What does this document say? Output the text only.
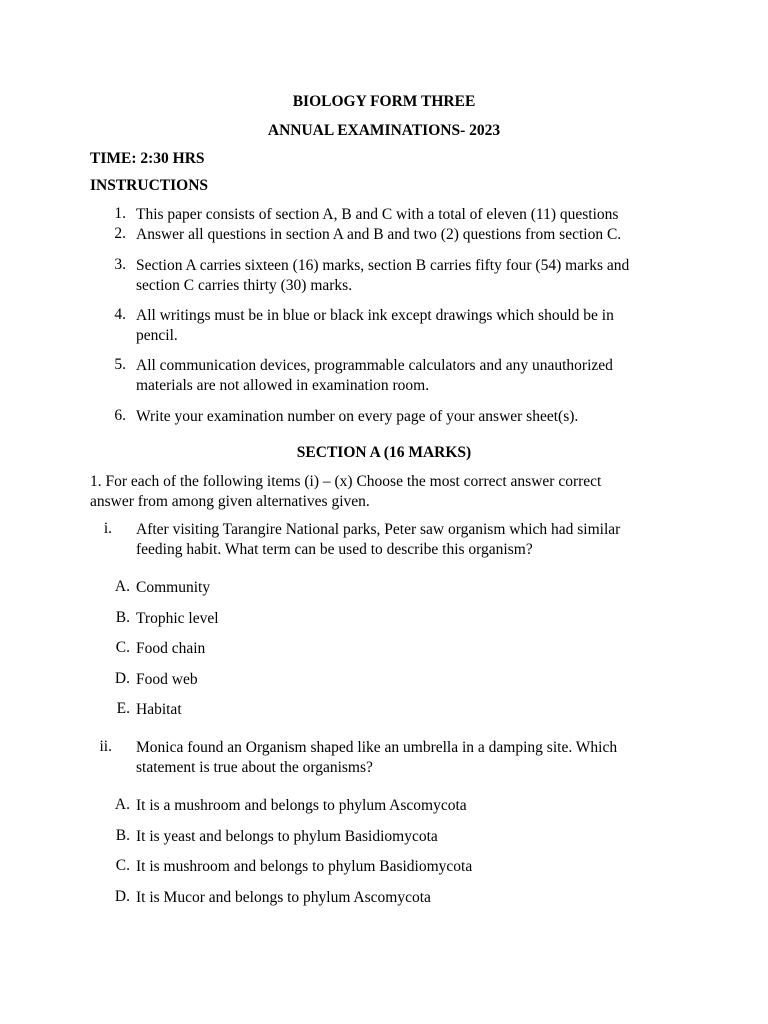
BIOLOGY FORM THREE
ANNUAL EXAMINATIONS- 2023
TIME: 2:30 HRS
INSTRUCTIONS
1. This paper consists of section A, B and C with a total of eleven (11) questions
2. Answer all questions in section A and B and two (2) questions from section C.
3. Section A carries sixteen (16) marks, section B carries fifty four (54) marks and
section C carries thirty (30) marks.
4. All writings must be in blue or black ink except drawings which should be in
pencil.
5. All communication devices, programmable calculators and any unauthorized
materials are not allowed in examination room.
6. Write your examination number on every page of your answer sheet(s).
SECTION A (16 MARKS)
1. For each of the following items (i) – (x) Choose the most correct answer correct
answer from among given alternatives given.
i. After visiting Tarangire National parks, Peter saw organism which had similar
feeding habit. What term can be used to describe this organism?
A. Community
B. Trophic level
C. Food chain
D. Food web
E. Habitat
ii. Monica found an Organism shaped like an umbrella in a damping site. Which
statement is true about the organisms?
A. It is a mushroom and belongs to phylum Ascomycota
B. It is yeast and belongs to phylum Basidiomycota
C. It is mushroom and belongs to phylum Basidiomycota
D. It is Mucor and belongs to phylum Ascomycota
